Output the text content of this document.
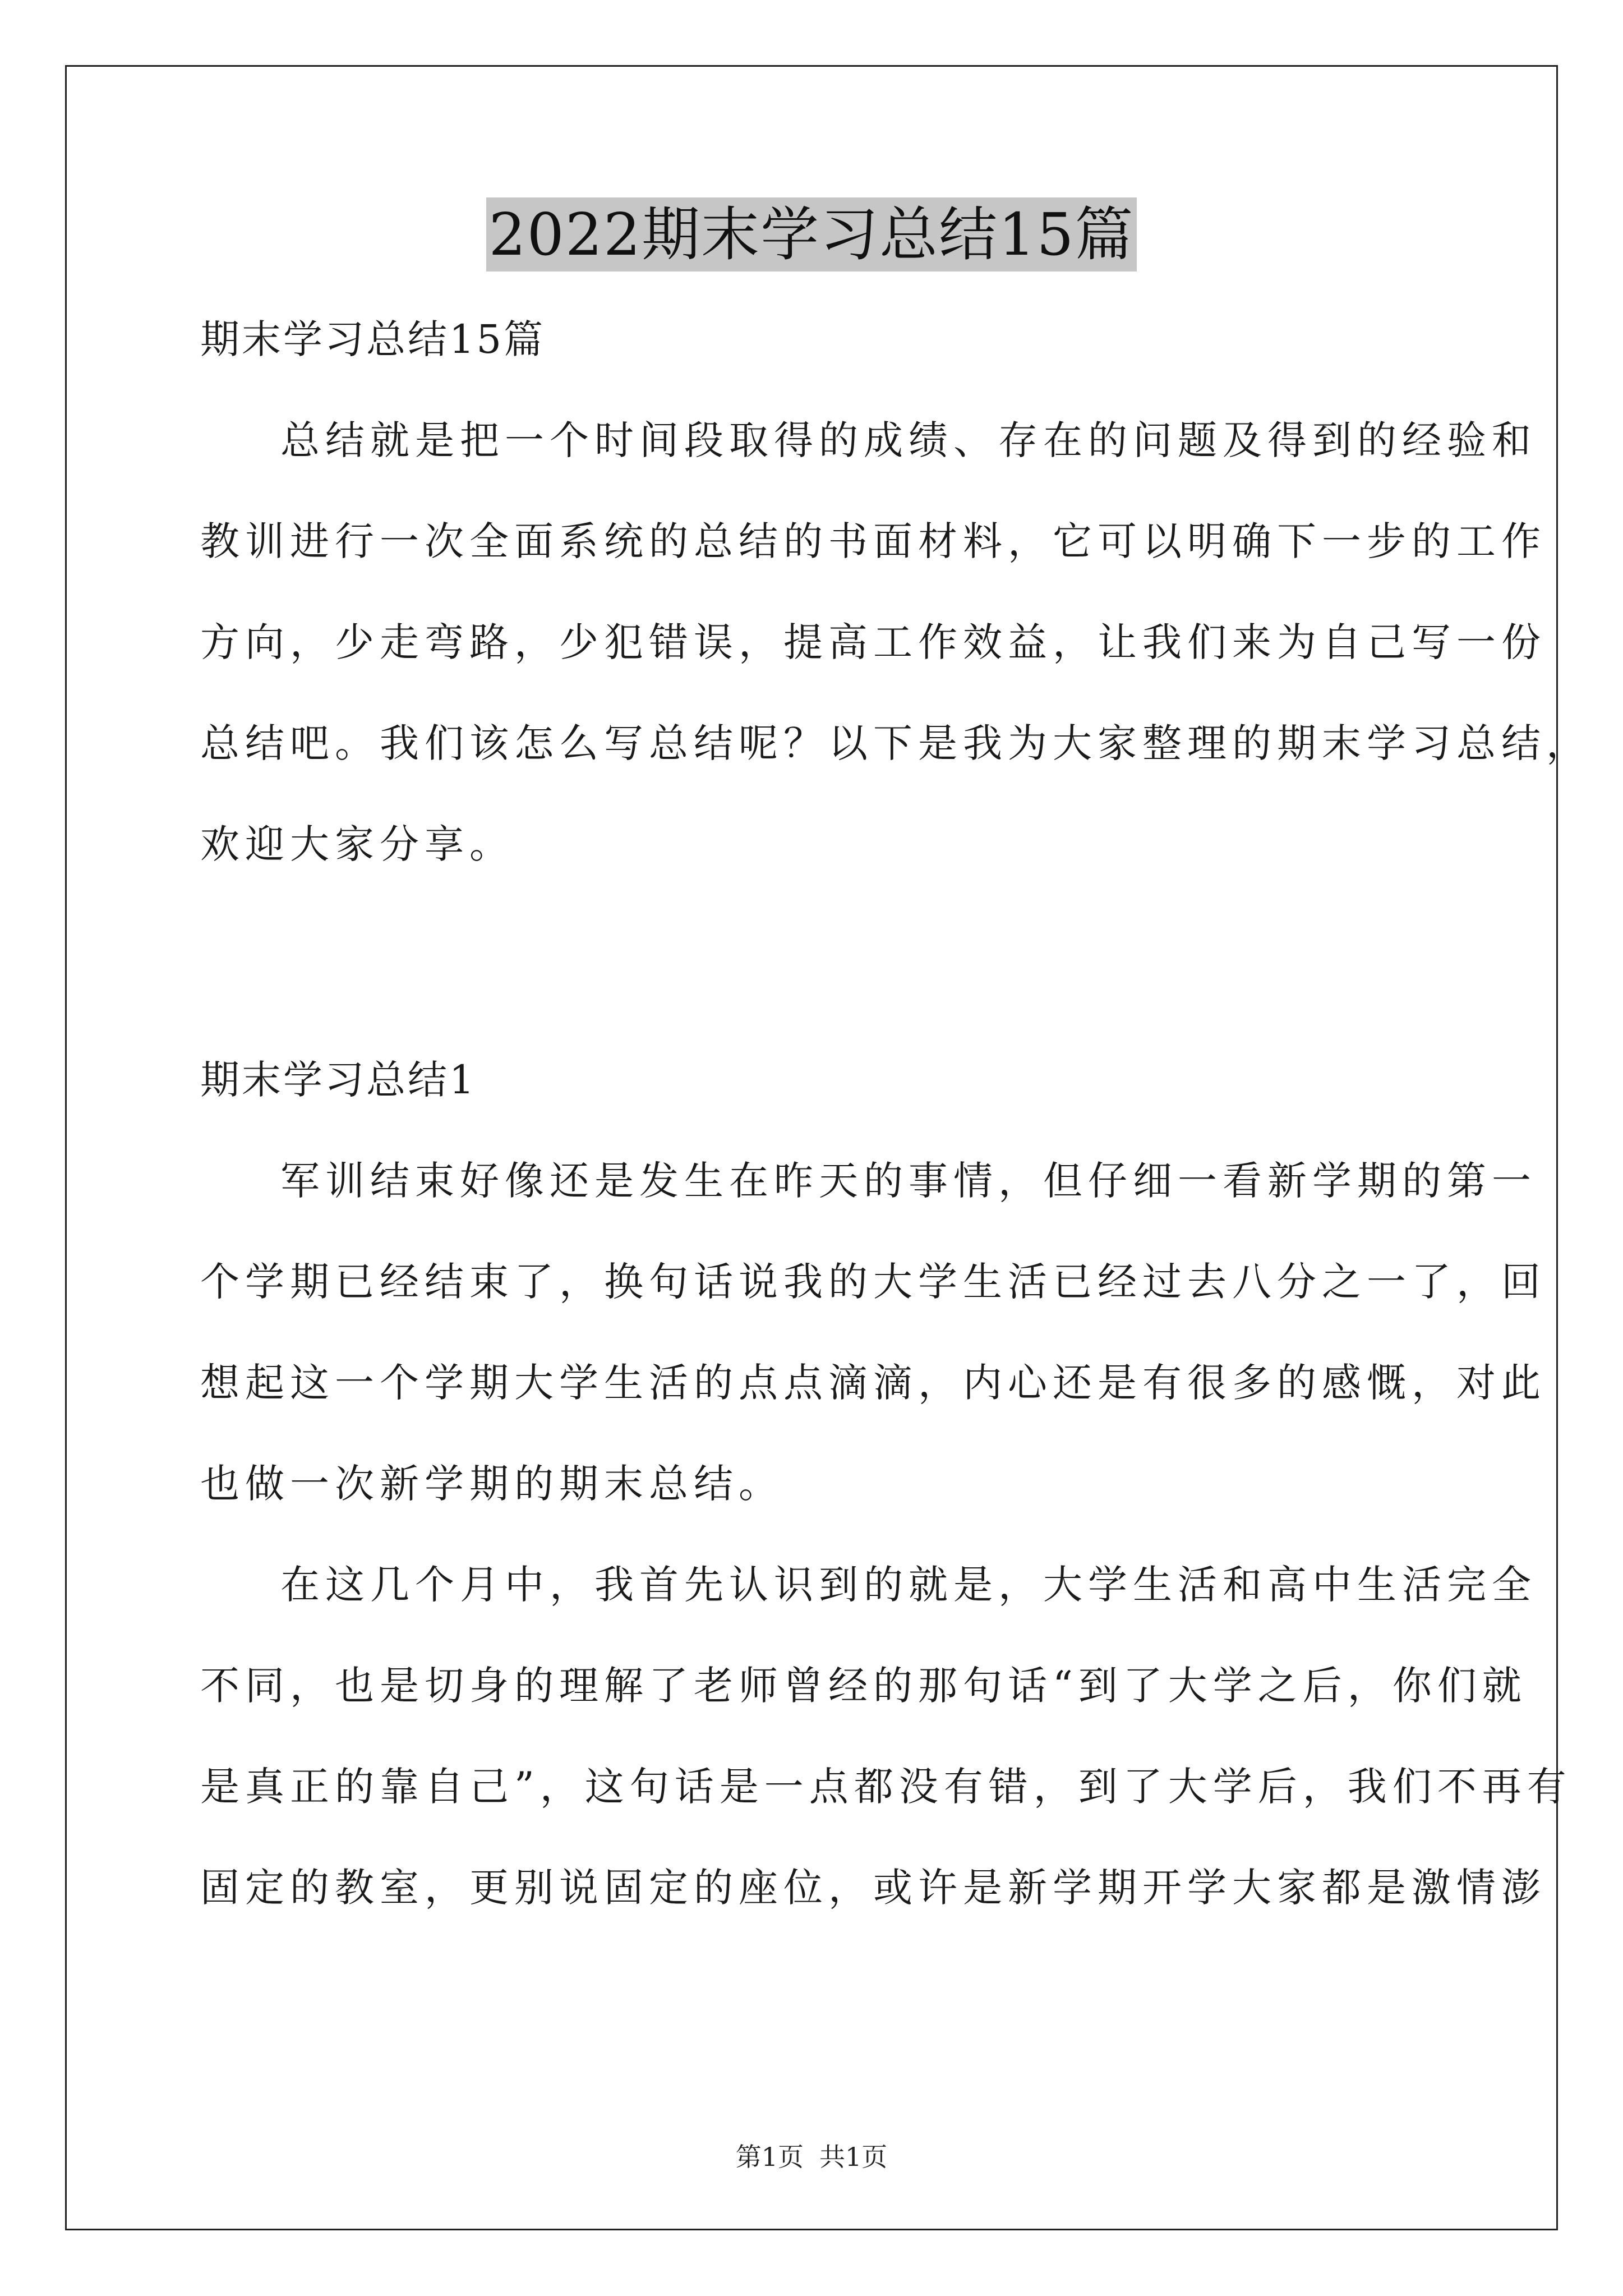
2022期末学习总结15篇
期末学习总结15篇
总结就是把一个时间段取得的成绩、存在的问题及得到的经验和
教训进行一次全面系统的总结的书面材料，它可以明确下一步的工作
方向，少走弯路，少犯错误，提高工作效益，让我们来为自己写一份
总结吧。我们该怎么写总结呢？以下是我为大家整理的期末学习总结，
欢迎大家分享。
期末学习总结1
军训结束好像还是发生在昨天的事情，但仔细一看新学期的第一
个学期已经结束了，换句话说我的大学生活已经过去八分之一了，回
想起这一个学期大学生活的点点滴滴，内心还是有很多的感慨，对此
也做一次新学期的期末总结。
在这几个月中，我首先认识到的就是，大学生活和高中生活完全
不同，也是切身的理解了老师曾经的那句话“到了大学之后，你们就
是真正的靠自己”，这句话是一点都没有错，到了大学后，我们不再有
固定的教室，更别说固定的座位，或许是新学期开学大家都是激情澎
第1页 共1页
